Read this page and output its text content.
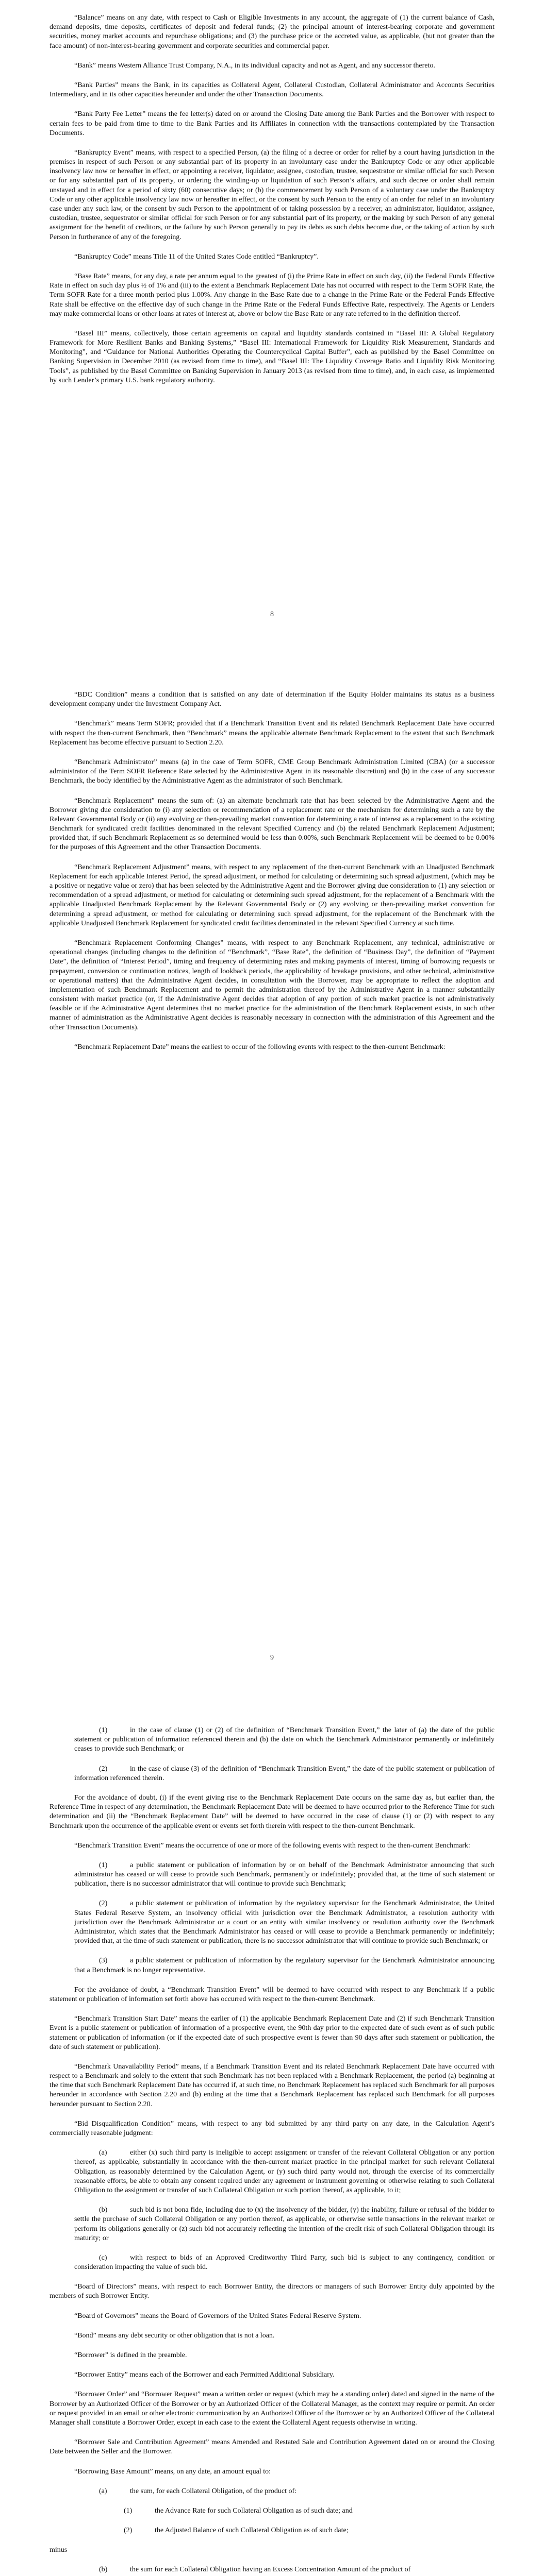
“Balance” means on any date, with respect to Cash or Eligible Investments in any account, the aggregate of (1) the current balance of Cash, demand deposits, time deposits, certificates of deposit and federal funds; (2) the principal amount of interest-bearing corporate and government securities, money market accounts and repurchase obligations; and (3) the purchase price or the accreted value, as applicable, (but not greater than the face amount) of non-interest-bearing government and corporate securities and commercial paper.

“Bank” means Western Alliance Trust Company, N.A., in its individual capacity and not as Agent, and any successor thereto.

“Bank Parties” means the Bank, in its capacities as Collateral Agent, Collateral Custodian, Collateral Administrator and Accounts Securities Intermediary, and in its other capacities hereunder and under the other Transaction Documents.

“Bank Party Fee Letter” means the fee letter(s) dated on or around the Closing Date among the Bank Parties and the Borrower with respect to certain fees to be paid from time to time to the Bank Parties and its Affiliates in connection with the transactions contemplated by the Transaction Documents.

“Bankruptcy Event” means, with respect to a specified Person, (a) the filing of a decree or order for relief by a court having jurisdiction in the premises in respect of such Person or any substantial part of its property in an involuntary case under the Bankruptcy Code or any other applicable insolvency law now or hereafter in effect, or appointing a receiver, liquidator, assignee, custodian, trustee, sequestrator or similar official for such Person or for any substantial part of its property, or ordering the winding-up or liquidation of such Person’s affairs, and such decree or order shall remain unstayed and in effect for a period of sixty (60) consecutive days; or (b) the commencement by such Person of a voluntary case under the Bankruptcy Code or any other applicable insolvency law now or hereafter in effect, or the consent by such Person to the entry of an order for relief in an involuntary case under any such law, or the consent by such Person to the appointment of or taking possession by a receiver, an administrator, liquidator, assignee, custodian, trustee, sequestrator or similar official for such Person or for any substantial part of its property, or the making by such Person of any general assignment for the benefit of creditors, or the failure by such Person generally to pay its debts as such debts become due, or the taking of action by such Person in furtherance of any of the foregoing.

“Bankruptcy Code” means Title 11 of the United States Code entitled “Bankruptcy”.

“Base Rate” means, for any day, a rate per annum equal to the greatest of (i) the Prime Rate in effect on such day, (ii) the Federal Funds Effective Rate in effect on such day plus ½ of 1% and (iii) to the extent a Benchmark Replacement Date has not occurred with respect to the Term SOFR Rate, the Term SOFR Rate for a three month period plus 1.00%. Any change in the Base Rate due to a change in the Prime Rate or the Federal Funds Effective Rate shall be effective on the effective day of such change in the Prime Rate or the Federal Funds Effective Rate, respectively. The Agents or Lenders may make commercial loans or other loans at rates of interest at, above or below the Base Rate or any rate referred to in the definition thereof.

“Basel III” means, collectively, those certain agreements on capital and liquidity standards contained in “Basel III: A Global Regulatory Framework for More Resilient Banks and Banking Systems,” “Basel III: International Framework for Liquidity Risk Measurement, Standards and Monitoring”, and “Guidance for National Authorities Operating the Countercyclical Capital Buffer”, each as published by the Basel Committee on Banking Supervision in December 2010 (as revised from time to time), and “Basel III: The Liquidity Coverage Ratio and Liquidity Risk Monitoring Tools”, as published by the Basel Committee on Banking Supervision in January 2013 (as revised from time to time), and, in each case, as implemented by such Lender’s primary U.S. bank regulatory authority.

8

“BDC Condition” means a condition that is satisfied on any date of determination if the Equity Holder maintains its status as a business development company under the Investment Company Act.

“Benchmark” means Term SOFR; provided that if a Benchmark Transition Event and its related Benchmark Replacement Date have occurred with respect the then-current Benchmark, then “Benchmark” means the applicable alternate Benchmark Replacement to the extent that such Benchmark Replacement has become effective pursuant to Section 2.20.

“Benchmark Administrator” means (a) in the case of Term SOFR, CME Group Benchmark Administration Limited (CBA) (or a successor administrator of the Term SOFR Reference Rate selected by the Administrative Agent in its reasonable discretion) and (b) in the case of any successor Benchmark, the body identified by the Administrative Agent as the administrator of such Benchmark.

“Benchmark Replacement” means the sum of: (a) an alternate benchmark rate that has been selected by the Administrative Agent and the Borrower giving due consideration to (i) any selection or recommendation of a replacement rate or the mechanism for determining such a rate by the Relevant Governmental Body or (ii) any evolving or then-prevailing market convention for determining a rate of interest as a replacement to the existing Benchmark for syndicated credit facilities denominated in the relevant Specified Currency and (b) the related Benchmark Replacement Adjustment; provided that, if such Benchmark Replacement as so determined would be less than 0.00%, such Benchmark Replacement will be deemed to be 0.00% for the purposes of this Agreement and the other Transaction Documents.

“Benchmark Replacement Adjustment” means, with respect to any replacement of the then-current Benchmark with an Unadjusted Benchmark Replacement for each applicable Interest Period, the spread adjustment, or method for calculating or determining such spread adjustment, (which may be a positive or negative value or zero) that has been selected by the Administrative Agent and the Borrower giving due consideration to (1) any selection or recommendation of a spread adjustment, or method for calculating or determining such spread adjustment, for the replacement of a Benchmark with the applicable Unadjusted Benchmark Replacement by the Relevant Governmental Body or (2) any evolving or then-prevailing market convention for determining a spread adjustment, or method for calculating or determining such spread adjustment, for the replacement of the Benchmark with the applicable Unadjusted Benchmark Replacement for syndicated credit facilities denominated in the relevant Specified Currency at such time.

“Benchmark Replacement Conforming Changes” means, with respect to any Benchmark Replacement, any technical, administrative or operational changes (including changes to the definition of “Benchmark”, “Base Rate”, the definition of “Business Day”, the definition of “Payment Date”, the definition of “Interest Period”, timing and frequency of determining rates and making payments of interest, timing of borrowing requests or prepayment, conversion or continuation notices, length of lookback periods, the applicability of breakage provisions, and other technical, administrative or operational matters) that the Administrative Agent decides, in consultation with the Borrower, may be appropriate to reflect the adoption and implementation of such Benchmark Replacement and to permit the administration thereof by the Administrative Agent in a manner substantially consistent with market practice (or, if the Administrative Agent decides that adoption of any portion of such market practice is not administratively feasible or if the Administrative Agent determines that no market practice for the administration of the Benchmark Replacement exists, in such other manner of administration as the Administrative Agent decides is reasonably necessary in connection with the administration of this Agreement and the other Transaction Documents).

“Benchmark Replacement Date” means the earliest to occur of the following events with respect to the then-current Benchmark:

9

(1)	in the case of clause (1) or (2) of the definition of “Benchmark Transition Event,” the later of (a) the date of the public statement or publication of information referenced therein and (b) the date on which the Benchmark Administrator permanently or indefinitely ceases to provide such Benchmark; or

(2)	in the case of clause (3) of the definition of “Benchmark Transition Event,” the date of the public statement or publication of information referenced therein.

For the avoidance of doubt, (i) if the event giving rise to the Benchmark Replacement Date occurs on the same day as, but earlier than, the Reference Time in respect of any determination, the Benchmark Replacement Date will be deemed to have occurred prior to the Reference Time for such determination and (ii) the “Benchmark Replacement Date” will be deemed to have occurred in the case of clause (1) or (2) with respect to any Benchmark upon the occurrence of the applicable event or events set forth therein with respect to the then-current Benchmark.

“Benchmark Transition Event” means the occurrence of one or more of the following events with respect to the then-current Benchmark:

(1)	a public statement or publication of information by or on behalf of the Benchmark Administrator announcing that such administrator has ceased or will cease to provide such Benchmark, permanently or indefinitely; provided that, at the time of such statement or publication, there is no successor administrator that will continue to provide such Benchmark;

(2)	a public statement or publication of information by the regulatory supervisor for the Benchmark Administrator, the United States Federal Reserve System, an insolvency official with jurisdiction over the Benchmark Administrator, a resolution authority with jurisdiction over the Benchmark Administrator or a court or an entity with similar insolvency or resolution authority over the Benchmark Administrator, which states that the Benchmark Administrator has ceased or will cease to provide a Benchmark permanently or indefinitely; provided that, at the time of such statement or publication, there is no successor administrator that will continue to provide such Benchmark; or

(3)	a public statement or publication of information by the regulatory supervisor for the Benchmark Administrator announcing that a Benchmark is no longer representative.

For the avoidance of doubt, a “Benchmark Transition Event” will be deemed to have occurred with respect to any Benchmark if a public statement or publication of information set forth above has occurred with respect to the then-current Benchmark.

“Benchmark Transition Start Date” means the earlier of (1) the applicable Benchmark Replacement Date and (2) if such Benchmark Transition Event is a public statement or publication of information of a prospective event, the 90th day prior to the expected date of such event as of such public statement or publication of information (or if the expected date of such prospective event is fewer than 90 days after such statement or publication, the date of such statement or publication).

“Benchmark Unavailability Period” means, if a Benchmark Transition Event and its related Benchmark Replacement Date have occurred with respect to a Benchmark and solely to the extent that such Benchmark has not been replaced with a Benchmark Replacement, the period (a) beginning at the time that such Benchmark Replacement Date has occurred if, at such time, no Benchmark Replacement has replaced such Benchmark for all purposes hereunder in accordance with Section 2.20 and (b) ending at the time that a Benchmark Replacement has replaced such Benchmark for all purposes hereunder pursuant to Section 2.20.

“Bid Disqualification Condition” means, with respect to any bid submitted by any third party on any date, in the Calculation Agent’s commercially reasonable judgment:

(a)	either (x) such third party is ineligible to accept assignment or transfer of the relevant Collateral Obligation or any portion thereof, as applicable, substantially in accordance with the then-current market practice in the principal market for such relevant Collateral Obligation, as reasonably determined by the Calculation Agent, or (y) such third party would not, through the exercise of its commercially reasonable efforts, be able to obtain any consent required under any agreement or instrument governing or otherwise relating to such Collateral Obligation to the assignment or transfer of such Collateral Obligation or such portion thereof, as applicable, to it;

(b)	such bid is not bona fide, including due to (x) the insolvency of the bidder, (y) the inability, failure or refusal of the bidder to settle the purchase of such Collateral Obligation or any portion thereof, as applicable, or otherwise settle transactions in the relevant market or perform its obligations generally or (z) such bid not accurately reflecting the intention of the credit risk of such Collateral Obligation through its maturity; or

(c)	with respect to bids of an Approved Creditworthy Third Party, such bid is subject to any contingency, condition or consideration impacting the value of such bid.

“Board of Directors” means, with respect to each Borrower Entity, the directors or managers of such Borrower Entity duly appointed by the members of such Borrower Entity.

“Board of Governors” means the Board of Governors of the United States Federal Reserve System.

“Bond” means any debt security or other obligation that is not a loan.

“Borrower” is defined in the preamble.

“Borrower Entity” means each of the Borrower and each Permitted Additional Subsidiary.

“Borrower Order” and “Borrower Request” mean a written order or request (which may be a standing order) dated and signed in the name of the Borrower by an Authorized Officer of the Borrower or by an Authorized Officer of the Collateral Manager, as the context may require or permit. An order or request provided in an email or other electronic communication by an Authorized Officer of the Borrower or by an Authorized Officer of the Collateral Manager shall constitute a Borrower Order, except in each case to the extent the Collateral Agent requests otherwise in writing.

“Borrower Sale and Contribution Agreement” means Amended and Restated Sale and Contribution Agreement dated on or around the Closing Date between the Seller and the Borrower.

“Borrowing Base Amount” means, on any date, an amount equal to:

(a)	the sum, for each Collateral Obligation, of the product of:

(1)	the Advance Rate for such Collateral Obligation as of such date; and

(2)	the Adjusted Balance of such Collateral Obligation as of such date;

minus

(b)	the sum for each Collateral Obligation having an Excess Concentration Amount of the product of
